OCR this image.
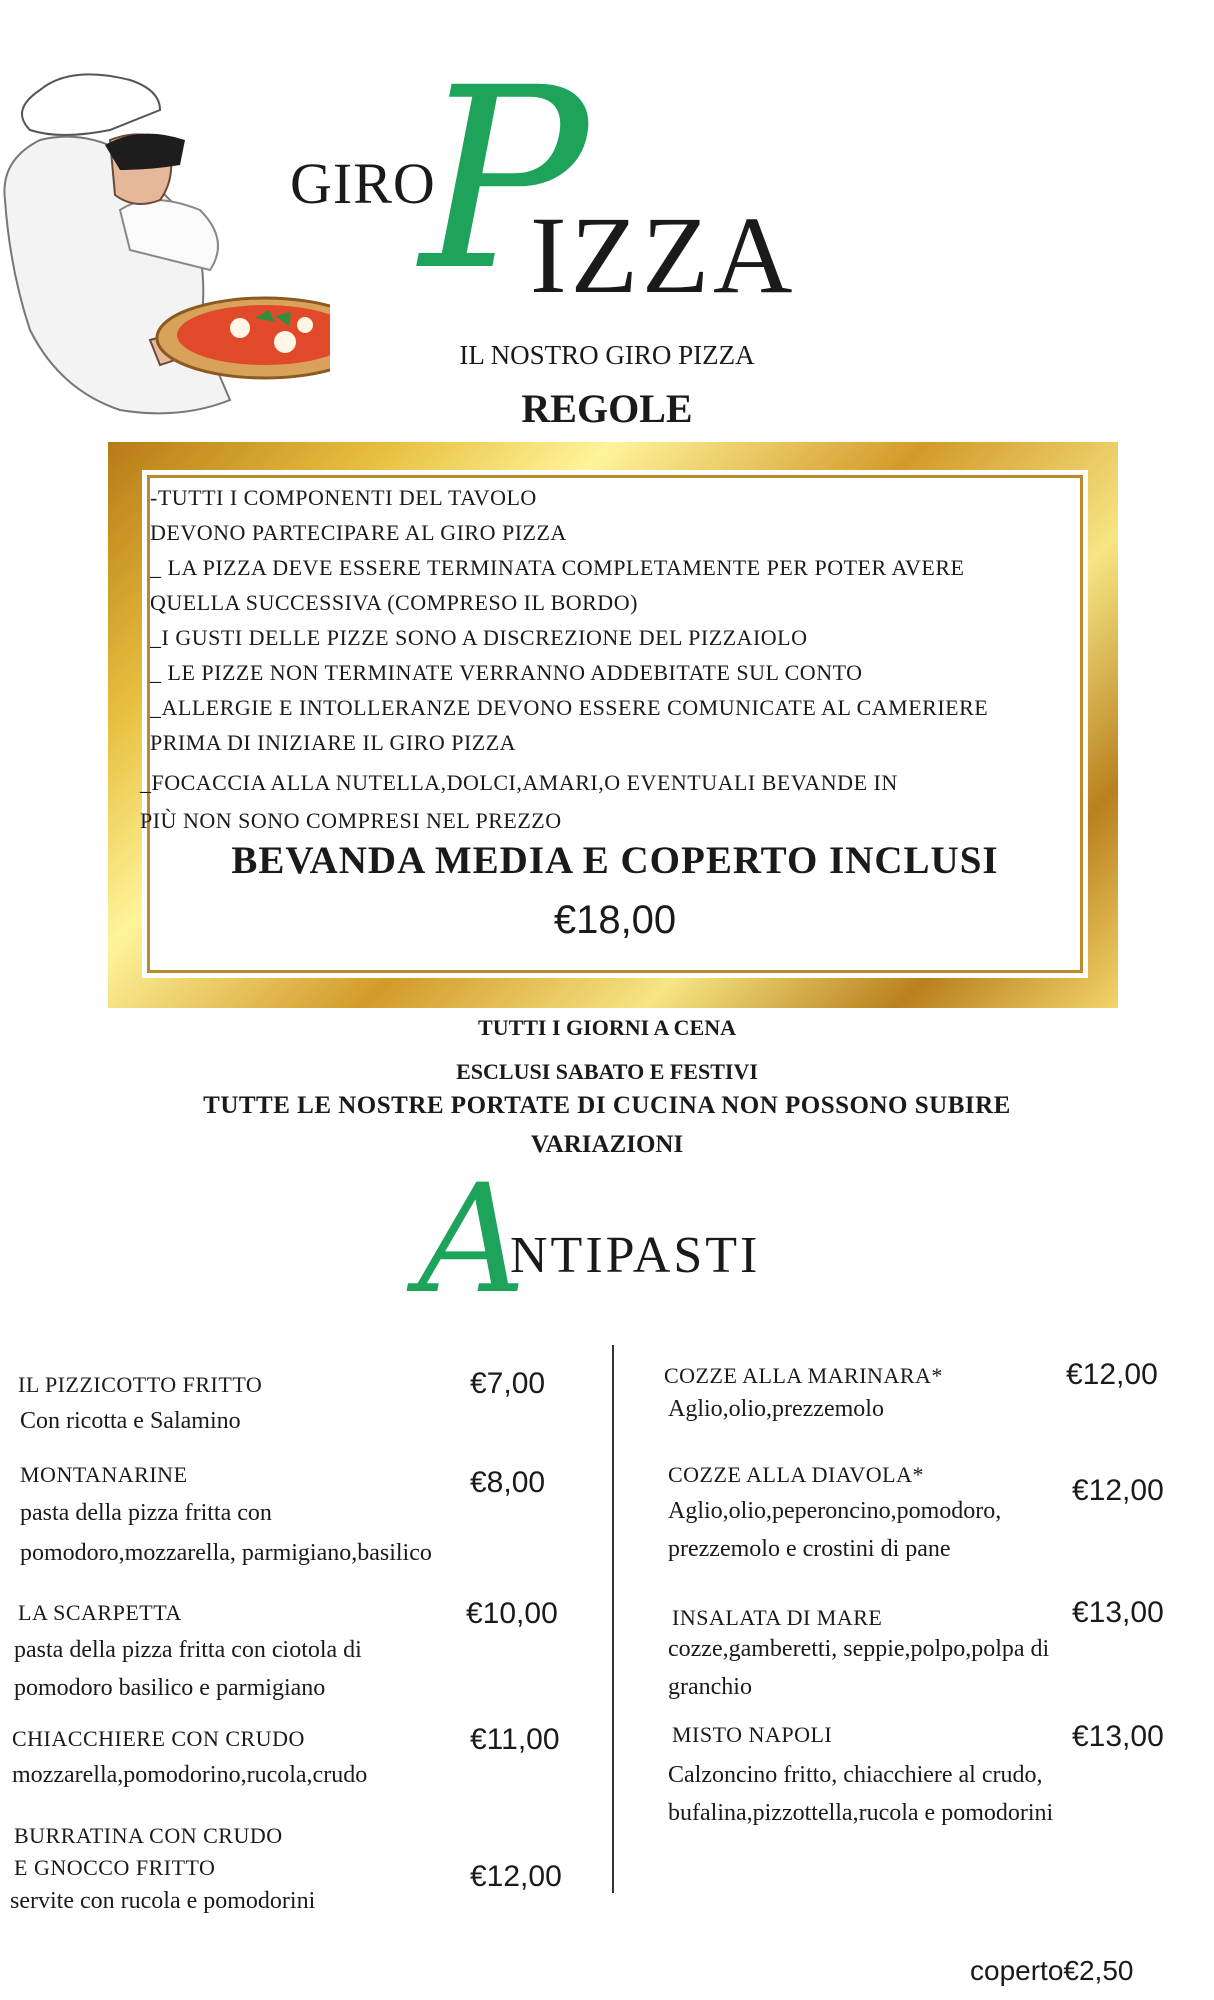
GIRO
P
IZZA
IL NOSTRO GIRO PIZZA
REGOLE
-TUTTI I COMPONENTI DEL TAVOLO
DEVONO PARTECIPARE AL GIRO PIZZA
_ LA PIZZA DEVE ESSERE TERMINATA COMPLETAMENTE PER POTER AVERE
QUELLA SUCCESSIVA (COMPRESO IL BORDO)
_I GUSTI DELLE PIZZE SONO A DISCREZIONE DEL PIZZAIOLO
_ LE PIZZE NON TERMINATE VERRANNO ADDEBITATE SUL CONTO
_ALLERGIE E INTOLLERANZE DEVONO ESSERE COMUNICATE AL CAMERIERE
PRIMA DI INIZIARE IL GIRO PIZZA
_FOCACCIA ALLA NUTELLA,DOLCI,AMARI,O EVENTUALI BEVANDE IN
PIÙ NON SONO COMPRESI NEL PREZZO
BEVANDA MEDIA E COPERTO INCLUSI
€18,00
TUTTI I GIORNI A CENA
ESCLUSI SABATO E FESTIVI
TUTTE LE NOSTRE PORTATE DI CUCINA NON POSSONO SUBIRE
VARIAZIONI
A
NTIPASTI
IL PIZZICOTTO FRITTO
Con ricotta e Salamino
€7,00
MONTANARINE
pasta della pizza fritta con
pomodoro,mozzarella, parmigiano,basilico
€8,00
LA SCARPETTA
pasta della pizza fritta con ciotola di
pomodoro basilico e parmigiano
€10,00
CHIACCHIERE CON CRUDO
mozzarella,pomodorino,rucola,crudo
€11,00
BURRATINA CON CRUDO
E GNOCCO FRITTO
servite con rucola e pomodorini
€12,00
COZZE ALLA MARINARA*
Aglio,olio,prezzemolo
€12,00
COZZE ALLA DIAVOLA*
Aglio,olio,peperoncino,pomodoro,
prezzemolo e crostini di pane
€12,00
INSALATA DI MARE
cozze,gamberetti, seppie,polpo,polpa di
granchio
€13,00
MISTO NAPOLI
Calzoncino fritto, chiacchiere al crudo,
bufalina,pizzottella,rucola e pomodorini
€13,00
coperto€2,50
